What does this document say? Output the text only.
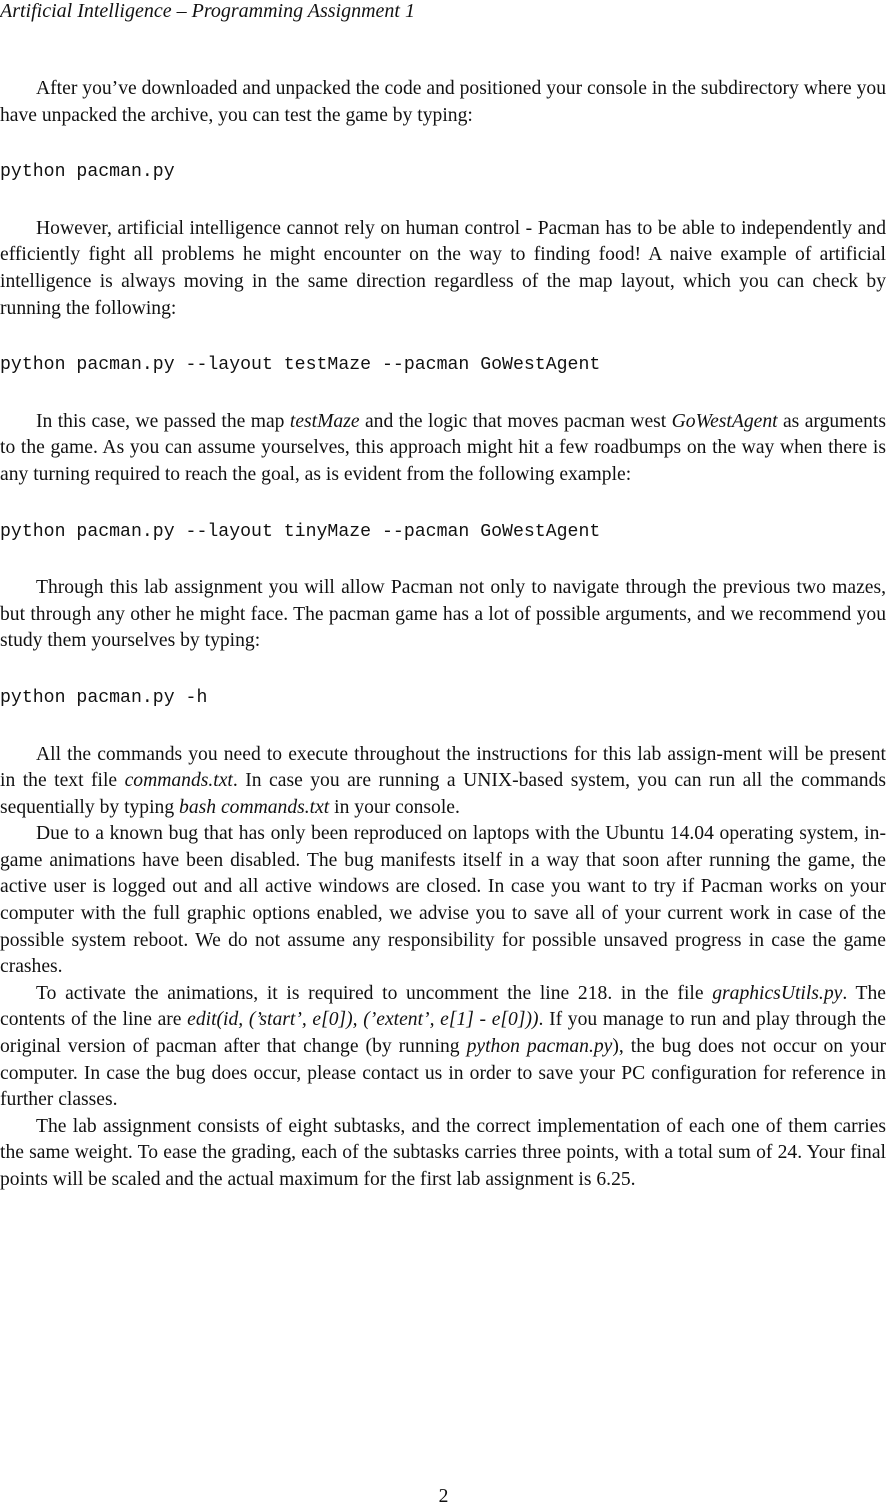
Artificial Intelligence – Programming Assignment 1

After you’ve downloaded and unpacked the code and positioned your console in the subdirectory where you have unpacked the archive, you can test the game by typing:

python pacman.py

However, artificial intelligence cannot rely on human control - Pacman has to be able to independently and efficiently fight all problems he might encounter on the way to finding food! A naive example of artificial intelligence is always moving in the same direction regardless of the map layout, which you can check by running the following:

python pacman.py --layout testMaze --pacman GoWestAgent

In this case, we passed the map testMaze and the logic that moves pacman west GoWestAgent as arguments to the game. As you can assume yourselves, this approach might hit a few roadbumps on the way when there is any turning required to reach the goal, as is evident from the following example:

python pacman.py --layout tinyMaze --pacman GoWestAgent

Through this lab assignment you will allow Pacman not only to navigate through the previous two mazes, but through any other he might face. The pacman game has a lot of possible arguments, and we recommend you study them yourselves by typing:

python pacman.py -h

All the commands you need to execute throughout the instructions for this lab assign-ment will be present in the text file commands.txt. In case you are running a UNIX-based system, you can run all the commands sequentially by typing bash commands.txt in your console.

Due to a known bug that has only been reproduced on laptops with the Ubuntu 14.04 operating system, in-game animations have been disabled. The bug manifests itself in a way that soon after running the game, the active user is logged out and all active windows are closed. In case you want to try if Pacman works on your computer with the full graphic options enabled, we advise you to save all of your current work in case of the possible system reboot. We do not assume any responsibility for possible unsaved progress in case the game crashes.

To activate the animations, it is required to uncomment the line 218. in the file graphicsUtils.py. The contents of the line are edit(id, (’start’, e[0]), (’extent’, e[1] - e[0])). If you manage to run and play through the original version of pacman after that change (by running python pacman.py), the bug does not occur on your computer. In case the bug does occur, please contact us in order to save your PC configuration for reference in further classes.

The lab assignment consists of eight subtasks, and the correct implementation of each one of them carries the same weight. To ease the grading, each of the subtasks carries three points, with a total sum of 24. Your final points will be scaled and the actual maximum for the first lab assignment is 6.25.

2
